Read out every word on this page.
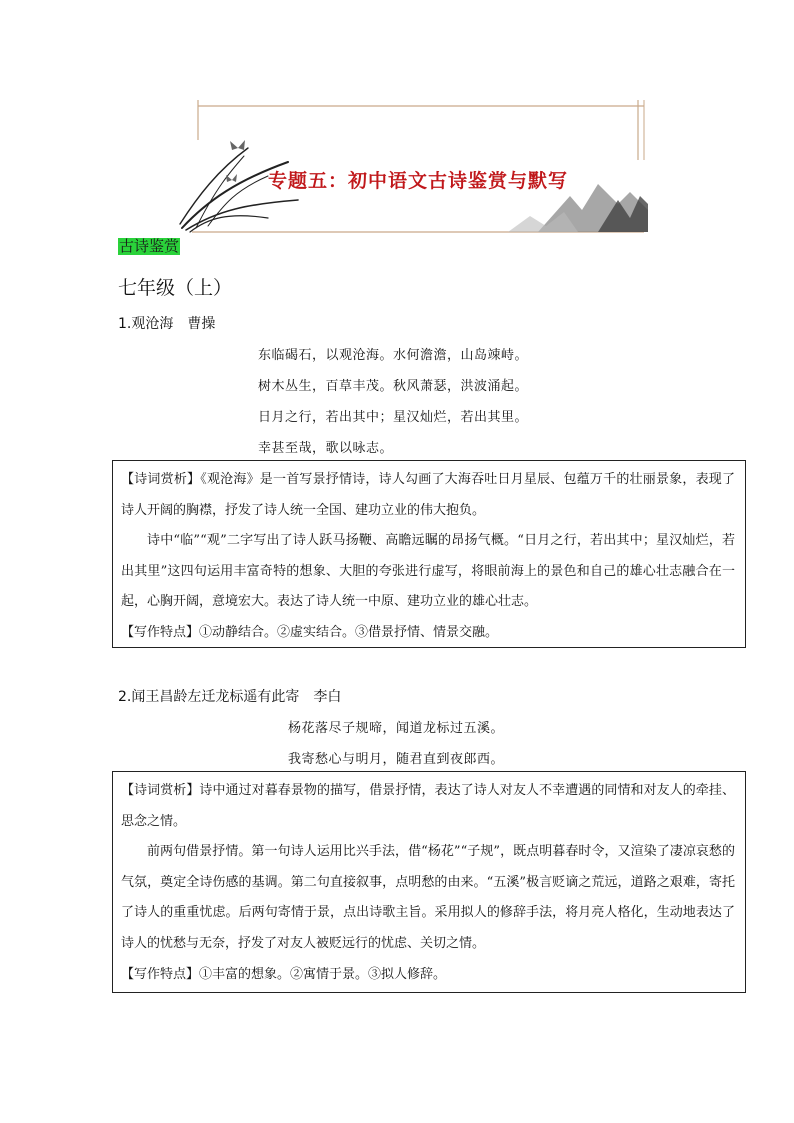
专题五：初中语文古诗鉴赏与默写
古诗鉴赏
七年级（上）
1.观沧海　曹操
东临碣石，以观沧海。水何澹澹，山岛竦峙。
树木丛生，百草丰茂。秋风萧瑟，洪波涌起。
日月之行，若出其中；星汉灿烂，若出其里。
幸甚至哉，歌以咏志。

【诗词赏析】《观沧海》是一首写景抒情诗，诗人勾画了大海吞吐日月星辰、包蕴万千的壮丽景象，表现了诗人开阔的胸襟，抒发了诗人统一全国、建功立业的伟大抱负。

诗中“临”“观”二字写出了诗人跃马扬鞭、高瞻远瞩的昂扬气概。“日月之行，若出其中；星汉灿烂，若出其里”这四句运用丰富奇特的想象、大胆的夸张进行虚写，将眼前海上的景色和自己的雄心壮志融合在一起，心胸开阔，意境宏大。表达了诗人统一中原、建功立业的雄心壮志。

【写作特点】①动静结合。②虚实结合。③借景抒情、情景交融。

2.闻王昌龄左迁龙标遥有此寄　李白
杨花落尽子规啼，闻道龙标过五溪。
我寄愁心与明月，随君直到夜郎西。

【诗词赏析】诗中通过对暮春景物的描写，借景抒情，表达了诗人对友人不幸遭遇的同情和对友人的牵挂、思念之情。

前两句借景抒情。第一句诗人运用比兴手法，借“杨花”“子规”，既点明暮春时令，又渲染了凄凉哀愁的气氛，奠定全诗伤感的基调。第二句直接叙事，点明愁的由来。“五溪”极言贬谪之荒远，道路之艰难，寄托了诗人的重重忧虑。后两句寄情于景，点出诗歌主旨。采用拟人的修辞手法，将月亮人格化，生动地表达了诗人的忧愁与无奈，抒发了对友人被贬远行的忧虑、关切之情。

【写作特点】①丰富的想象。②寓情于景。③拟人修辞。
